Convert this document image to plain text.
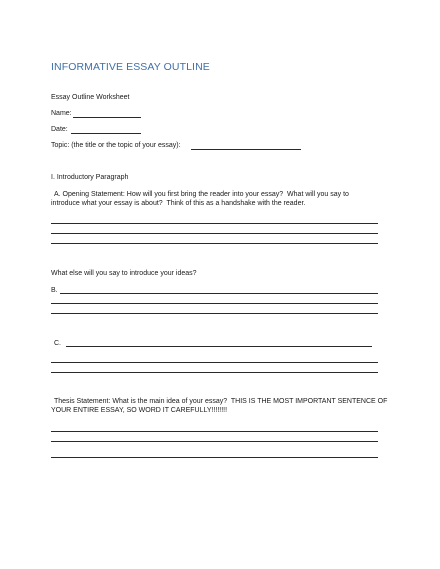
INFORMATIVE ESSAY OUTLINE

Essay Outline Worksheet

Name:

Date:

Topic: (the title or the topic of your essay):

I. Introductory Paragraph

A. Opening Statement: How will you first bring the reader into your essay?  What will you say to

introduce what your essay is about?  Think of this as a handshake with the reader.

What else will you say to introduce your ideas?

B.

C.

Thesis Statement: What is the main idea of your essay?  THIS IS THE MOST IMPORTANT SENTENCE OF

YOUR ENTIRE ESSAY, SO WORD IT CAREFULLY!!!!!!!!
